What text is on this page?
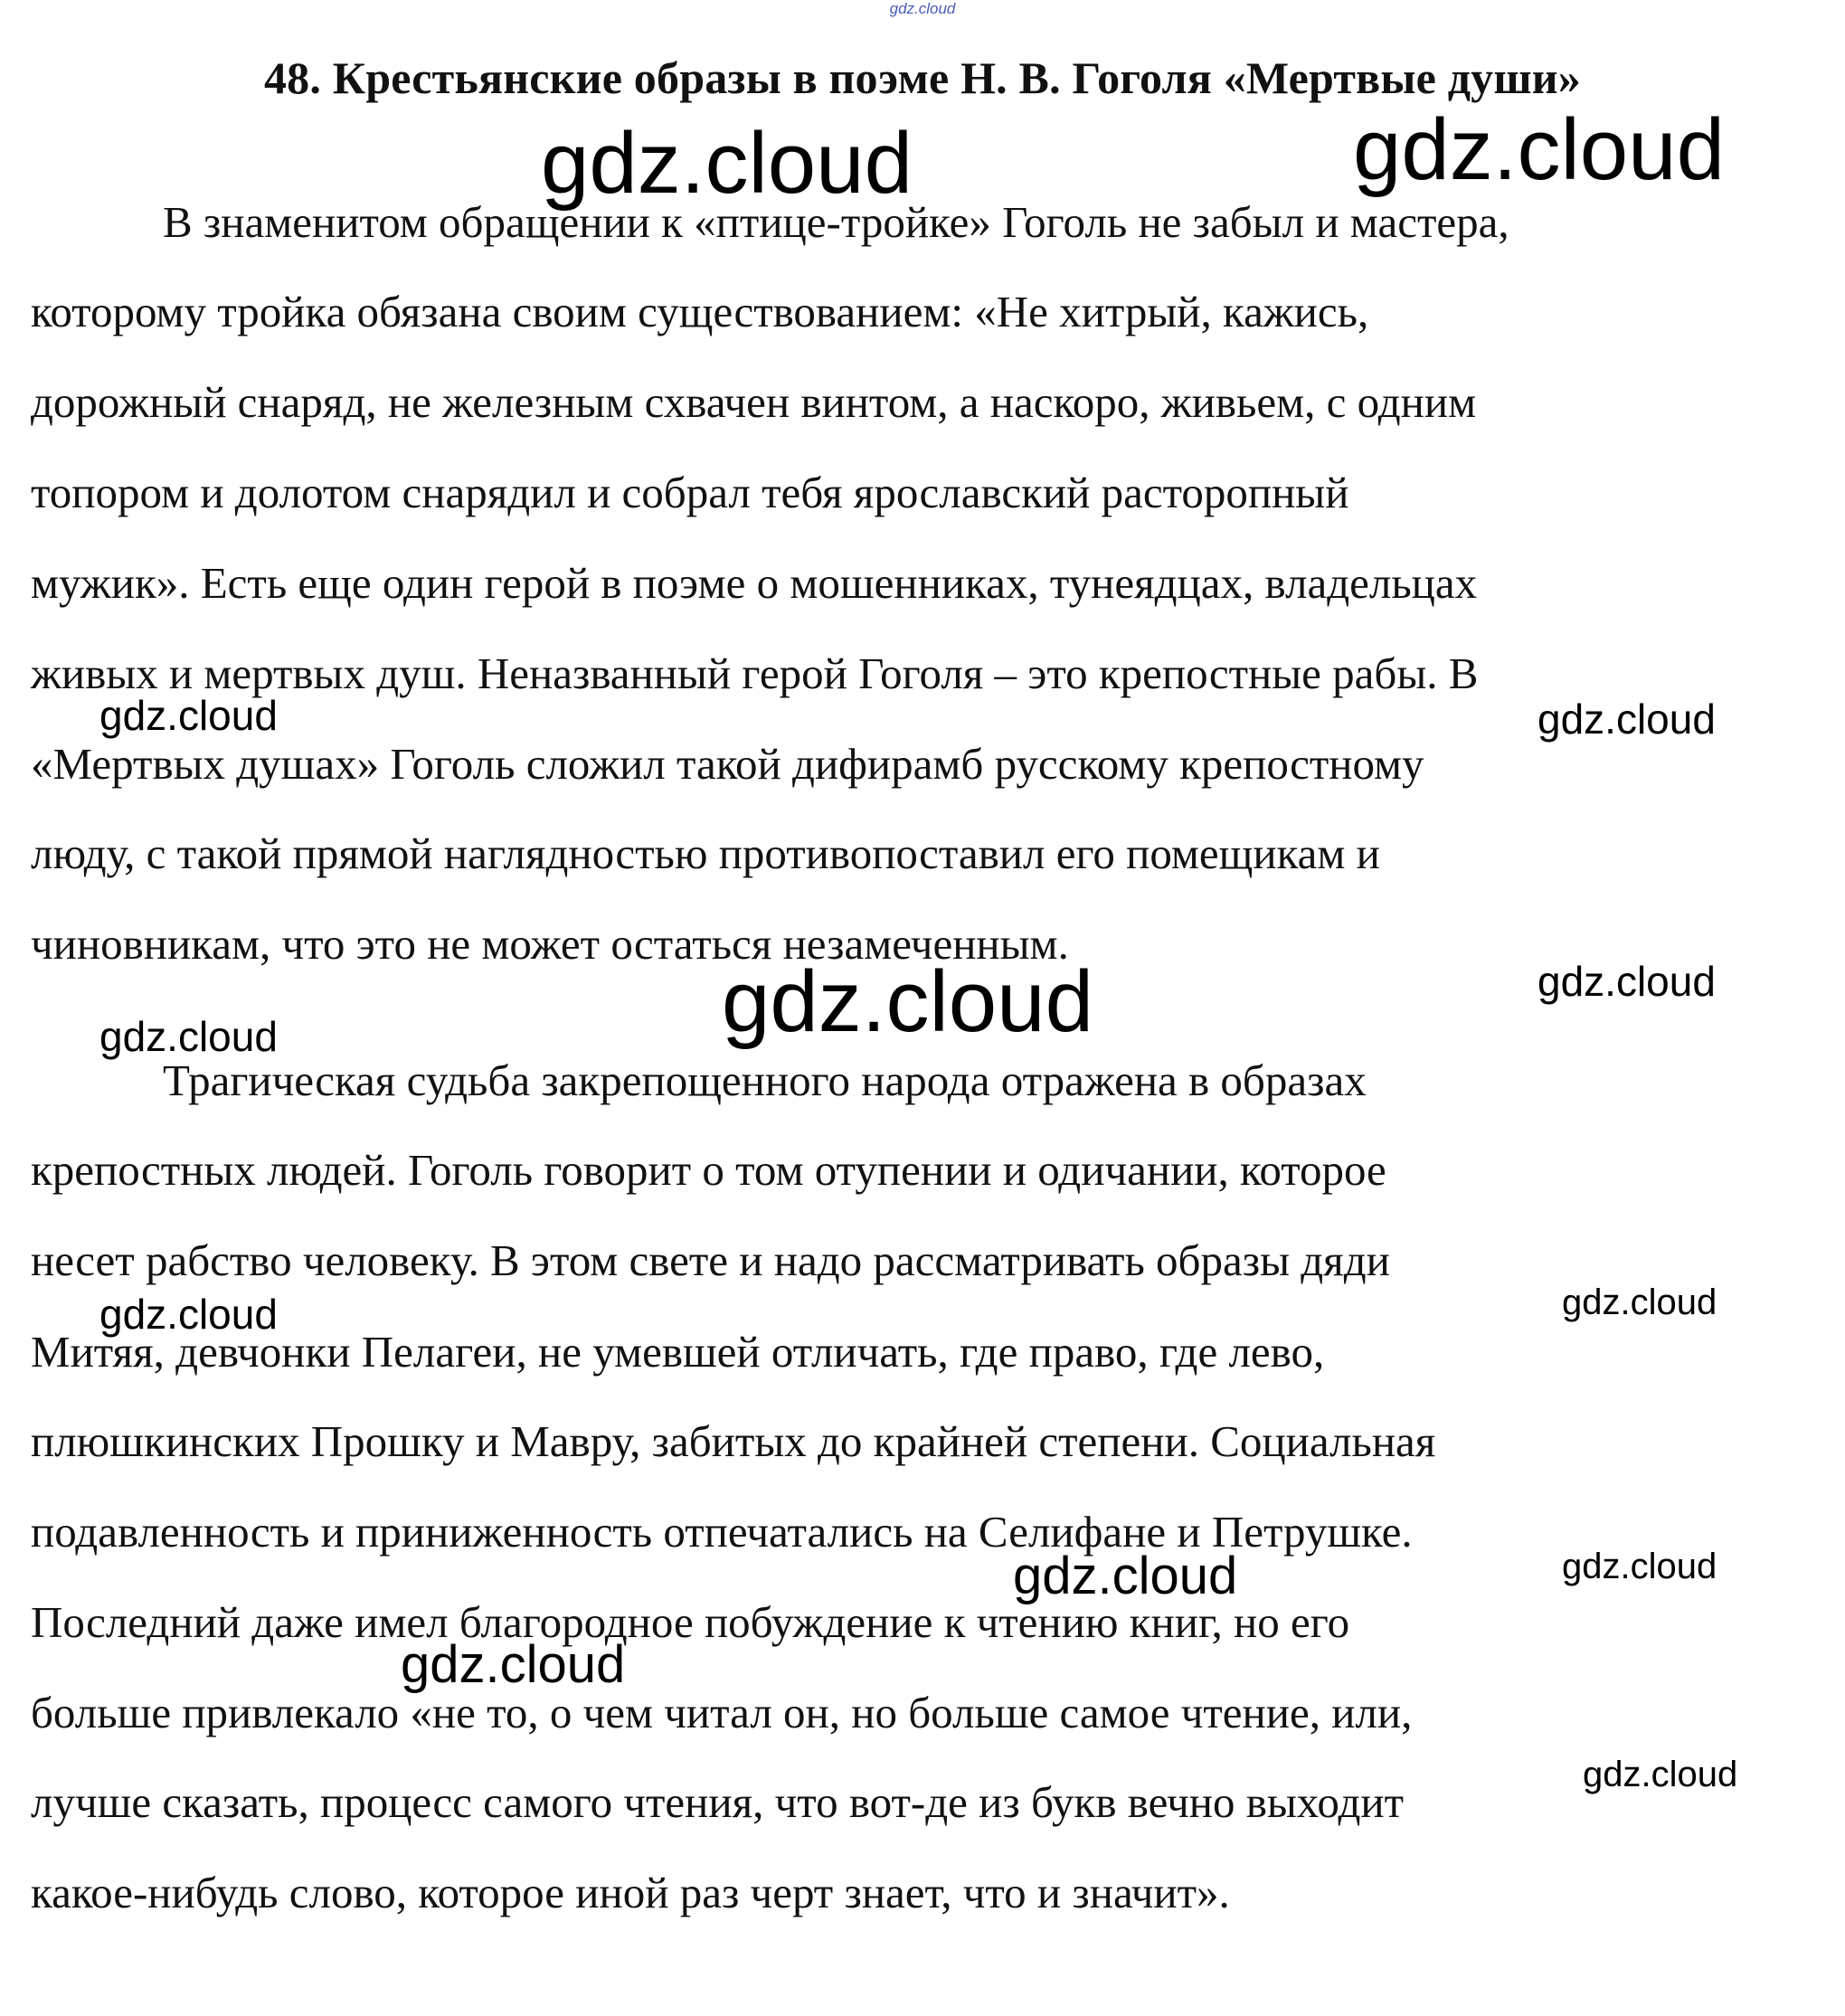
gdz.cloud
48. Крестьянские образы в поэме Н. В. Гоголя «Мертвые души»
В знаменитом обращении к «птице-тройке» Гоголь не забыл и мастера,
которому тройка обязана своим существованием: «Не хитрый, кажись,
дорожный снаряд, не железным схвачен винтом, а наскоро, живьем, с одним
топором и долотом снарядил и собрал тебя ярославский расторопный
мужик». Есть еще один герой в поэме о мошенниках, тунеядцах, владельцах
живых и мертвых душ. Неназванный герой Гоголя – это крепостные рабы. В
«Мертвых душах» Гоголь сложил такой дифирамб русскому крепостному
люду, с такой прямой наглядностью противопоставил его помещикам и
чиновникам, что это не может остаться незамеченным.
Трагическая судьба закрепощенного народа отражена в образах
крепостных людей. Гоголь говорит о том отупении и одичании, которое
несет рабство человеку. В этом свете и надо рассматривать образы дяди
Митяя, девчонки Пелагеи, не умевшей отличать, где право, где лево,
плюшкинских Прошку и Мавру, забитых до крайней степени. Социальная
подавленность и приниженность отпечатались на Селифане и Петрушке.
Последний даже имел благородное побуждение к чтению книг, но его
больше привлекало «не то, о чем читал он, но больше самое чтение, или,
лучше сказать, процесс самого чтения, что вот-де из букв вечно выходит
какое-нибудь слово, которое иной раз черт знает, что и значит».
gdz.cloud	gdz.cloud
gdz.cloud	gdz.cloud
gdz.cloud	gdz.cloud
gdz.cloud
gdz.cloud	gdz.cloud
gdz.cloud	gdz.cloud
gdz.cloud
gdz.cloud
